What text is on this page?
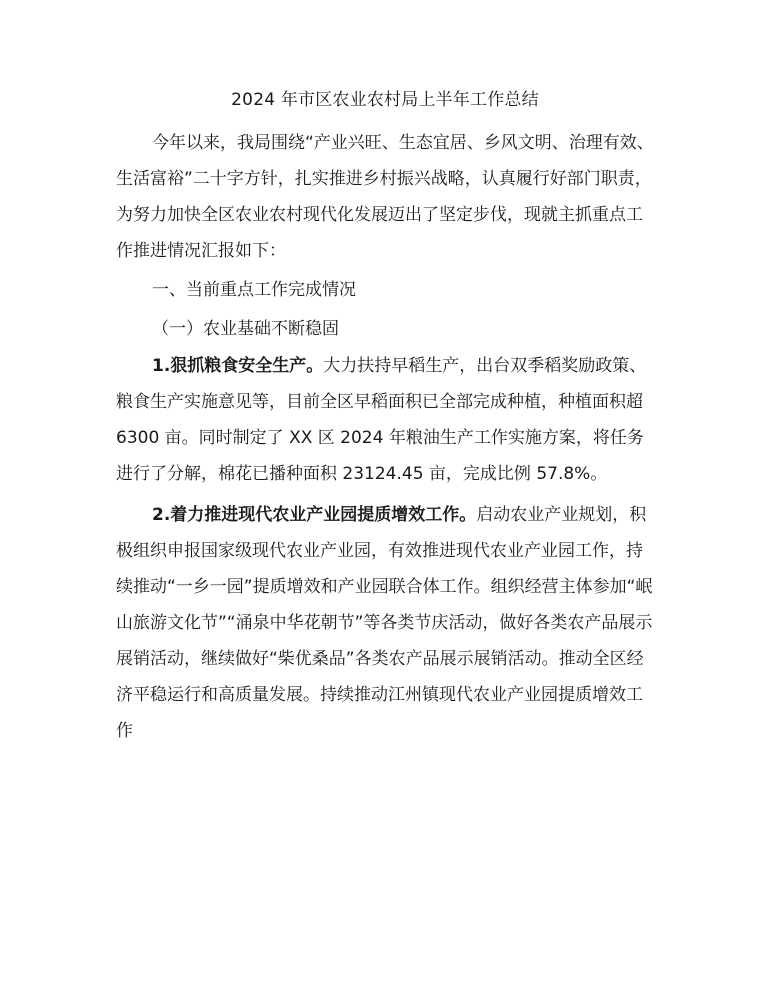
2024 年市区农业农村局上半年工作总结

今年以来，我局围绕“产业兴旺、生态宜居、乡风文明、治理有效、生活富裕”二十字方针，扎实推进乡村振兴战略，认真履行好部门职责，为努力加快全区农业农村现代化发展迈出了坚定步伐，现就主抓重点工作推进情况汇报如下：

一、当前重点工作完成情况

（一）农业基础不断稳固

1.狠抓粮食安全生产。大力扶持早稻生产，出台双季稻奖励政策、粮食生产实施意见等，目前全区早稻面积已全部完成种植，种植面积超 6300 亩。同时制定了 XX 区 2024 年粮油生产工作实施方案，将任务进行了分解，棉花已播种面积 23124.45 亩，完成比例 57.8%。

2.着力推进现代农业产业园提质增效工作。启动农业产业规划，积极组织申报国家级现代农业产业园，有效推进现代农业产业园工作，持续推动“一乡一园”提质增效和产业园联合体工作。组织经营主体参加“岷山旅游文化节”“涌泉中华花朝节”等各类节庆活动，做好各类农产品展示展销活动，继续做好“柴优桑品”各类农产品展示展销活动。推动全区经济平稳运行和高质量发展。持续推动江州镇现代农业产业园提质增效工作
